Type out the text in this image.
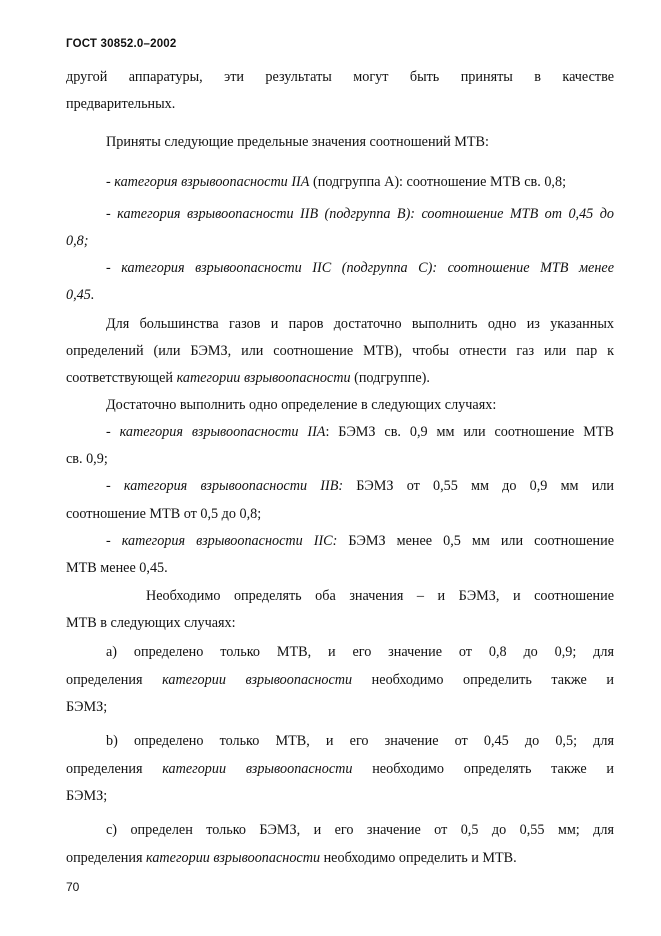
ГОСТ 30852.0–2002
другой аппаратуры, эти результаты могут быть приняты в качестве
предварительных.
Приняты следующие предельные значения соотношений МТВ:
- категория взрывоопасности IIA (подгруппа А): соотношение МТВ св. 0,8;
- категория взрывоопасности IIB (подгруппа В): соотношение МТВ от 0,45 до
0,8;
- категория взрывоопасности IIC (подгруппа С): соотношение МТВ менее
0,45.
Для большинства газов и паров достаточно выполнить одно из указанных
определений (или БЭМЗ, или соотношение МТВ), чтобы отнести газ или пар к
соответствующей категории взрывоопасности (подгруппе).
Достаточно выполнить одно определение в следующих случаях:
- категория взрывоопасности IIA: БЭМЗ св. 0,9 мм или соотношение МТВ
св. 0,9;
- категория взрывоопасности IIB: БЭМЗ от 0,55 мм до 0,9 мм или
соотношение МТВ от 0,5 до 0,8;
- категория взрывоопасности IIC: БЭМЗ менее 0,5 мм или соотношение
МТВ менее 0,45.
Необходимо определять оба значения – и БЭМЗ, и соотношение
МТВ в следующих случаях:
а) определено только МТВ, и его значение от 0,8 до 0,9; для
определения категории взрывоопасности необходимо определить также и
БЭМЗ;
b) определено только МТВ, и его значение от 0,45 до 0,5; для
определения категории взрывоопасности необходимо определять также и
БЭМЗ;
c) определен только БЭМЗ, и его значение от 0,5 до 0,55 мм; для
определения категории взрывоопасности необходимо определить и МТВ.
70
